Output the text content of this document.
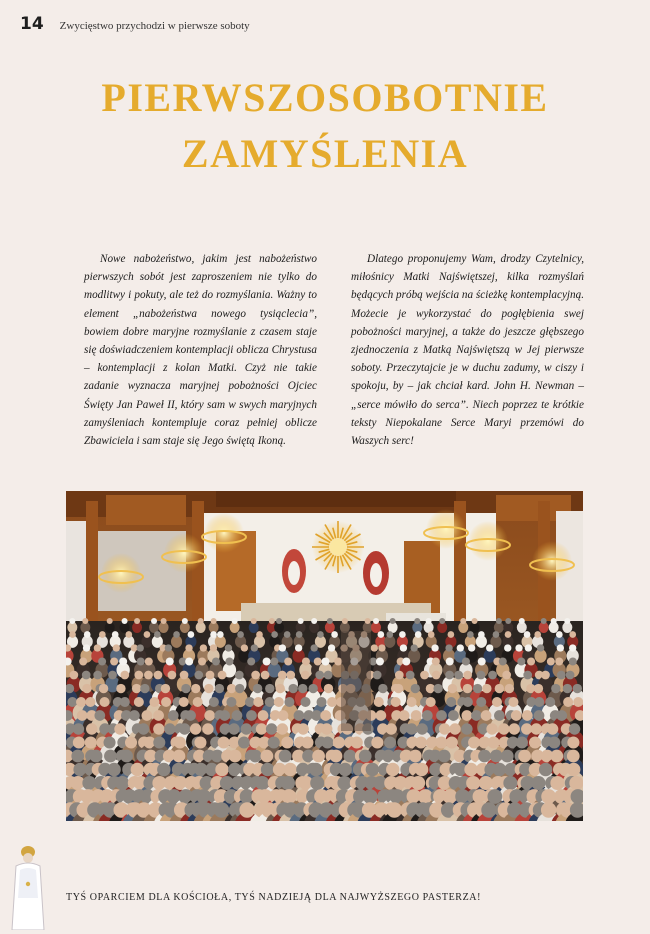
14 Zwycięstwo przychodzi w pierwsze soboty
PIERWSZOSOBOTNIE
ZAMYŚLENIA

Nowe nabożeństwo, jakim jest nabożeństwo pierwszych sobót jest zaproszeniem nie tylko do modlitwy i pokuty, ale też do rozmyślania. Ważny to element „nabożeństwa nowego tysiąclecia”, bowiem dobre maryjne rozmyślanie z czasem staje się doświadczeniem kontemplacji oblicza Chrystusa – kontemplacji z kolan Matki. Czyż nie takie zadanie wyznacza maryjnej pobożności Ojciec Święty Jan Paweł II, który sam w swych maryjnych zamyśleniach kontempluje coraz pełniej oblicze Zbawiciela i sam staje się Jego świętą Ikoną.

Dlatego proponujemy Wam, drodzy Czytelnicy, miłośnicy Matki Najświętszej, kilka rozmyślań będących próbą wejścia na ścieżkę kontemplacyjną. Możecie je wykorzystać do pogłębienia swej pobożności maryjnej, a także do jeszcze głębszego zjednoczenia z Matką Najświętszą w Jej pierwsze soboty. Przeczytajcie je w duchu zadumy, w ciszy i spokoju, by – jak chciał kard. John H. Newman – „serce mówiło do serca”. Niech poprzez te krótkie teksty Niepokalane Serce Maryi przemówi do Waszych serc!

TYŚ OPARCIEM DLA KOŚCIOŁA, TYŚ NADZIEJĄ DLA NAJWYŻSZEGO PASTERZA!
